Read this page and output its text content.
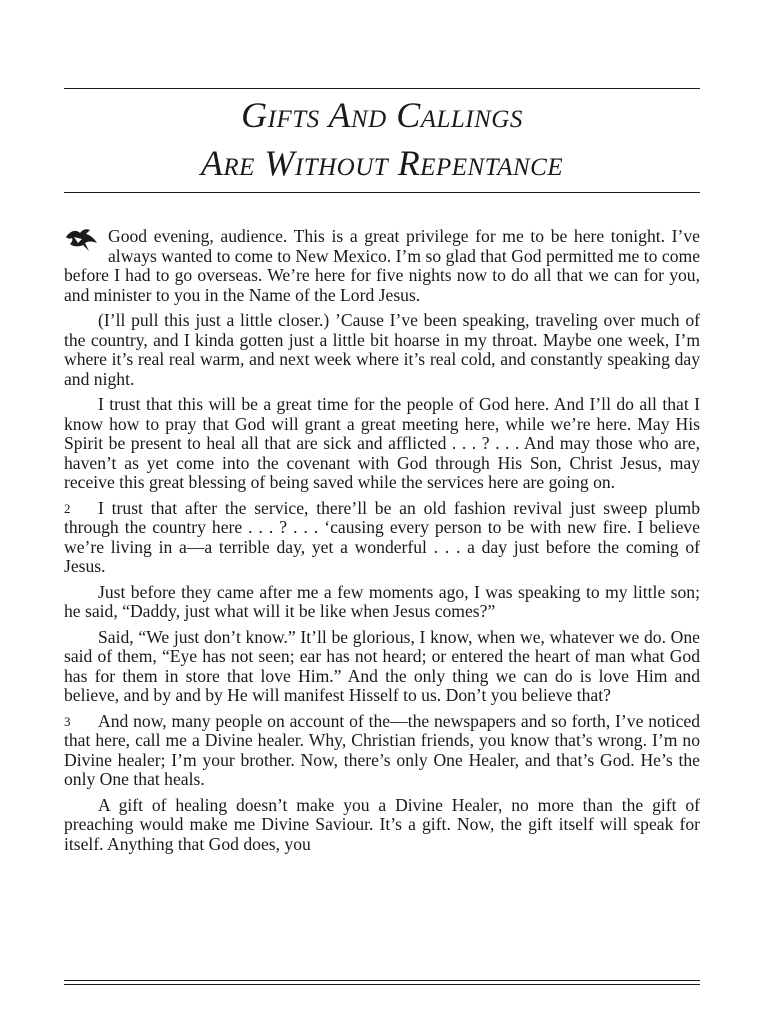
Gifts And Callings
Are Without Repentance

Good evening, audience. This is a great privilege for me to be here tonight. I’ve always wanted to come to New Mexico. I’m so glad that God permitted me to come before I had to go overseas. We’re here for five nights now to do all that we can for you, and minister to you in the Name of the Lord Jesus.

(I’ll pull this just a little closer.) ’Cause I’ve been speaking, traveling over much of the country, and I kinda gotten just a little bit hoarse in my throat. Maybe one week, I’m where it’s real real warm, and next week where it’s real cold, and constantly speaking day and night.

I trust that this will be a great time for the people of God here. And I’ll do all that I know how to pray that God will grant a great meeting here, while we’re here. May His Spirit be present to heal all that are sick and afflicted . . . ? . . . And may those who are, haven’t as yet come into the covenant with God through His Son, Christ Jesus, may receive this great blessing of being saved while the services here are going on.

2 I trust that after the service, there’ll be an old fashion revival just sweep plumb through the country here . . . ? . . . ‘causing every person to be with new fire. I believe we’re living in a—a terrible day, yet a wonderful . . . a day just before the coming of Jesus.

Just before they came after me a few moments ago, I was speaking to my little son; he said, “Daddy, just what will it be like when Jesus comes?”

Said, “We just don’t know.” It’ll be glorious, I know, when we, whatever we do. One said of them, “Eye has not seen; ear has not heard; or entered the heart of man what God has for them in store that love Him.” And the only thing we can do is love Him and believe, and by and by He will manifest Hisself to us. Don’t you believe that?

3 And now, many people on account of the—the newspapers and so forth, I’ve noticed that here, call me a Divine healer. Why, Christian friends, you know that’s wrong. I’m no Divine healer; I’m your brother. Now, there’s only One Healer, and that’s God. He’s the only One that heals.

A gift of healing doesn’t make you a Divine Healer, no more than the gift of preaching would make me Divine Saviour. It’s a gift. Now, the gift itself will speak for itself. Anything that God does, you
